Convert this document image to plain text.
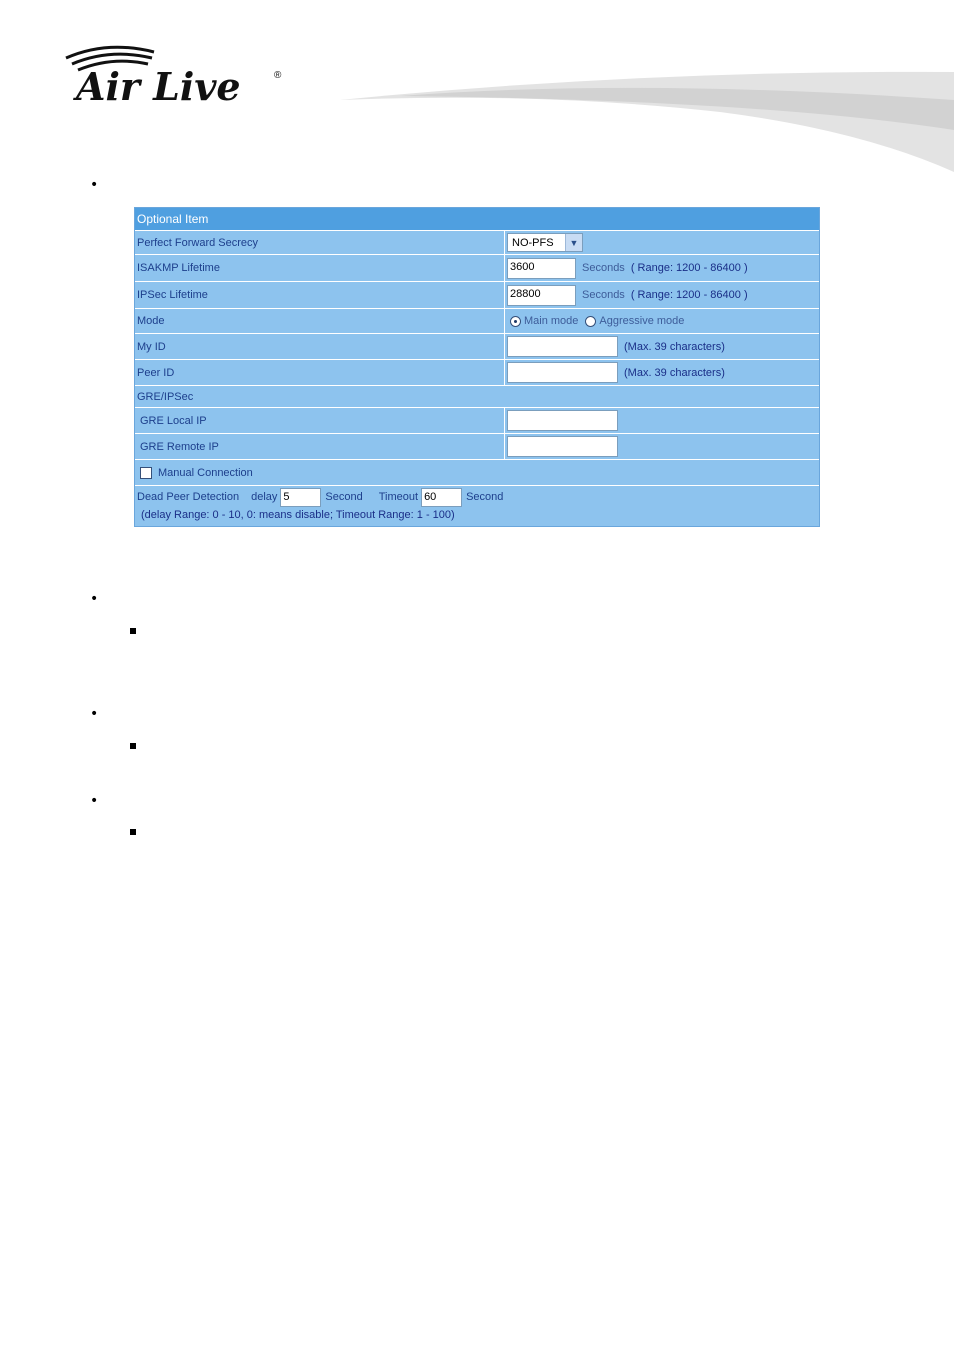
Air Live	®
•
Optional Item
Perfect Forward Secrecy	NO-PFS	▼
ISAKMP Lifetime	3600	Seconds ( Range: 1200 - 86400 )
IPSec Lifetime	28800	Seconds ( Range: 1200 - 86400 )
Mode	Main mode Aggressive mode
My ID	(Max. 39 characters)
Peer ID	(Max. 39 characters)
GRE/IPSec
GRE Local IP
GRE Remote IP
Manual Connection
Dead Peer Detection delay 5	Second Timeout 60	Second
(delay Range: 0 - 10, 0: means disable; Timeout Range: 1 - 100)
•
•
•
